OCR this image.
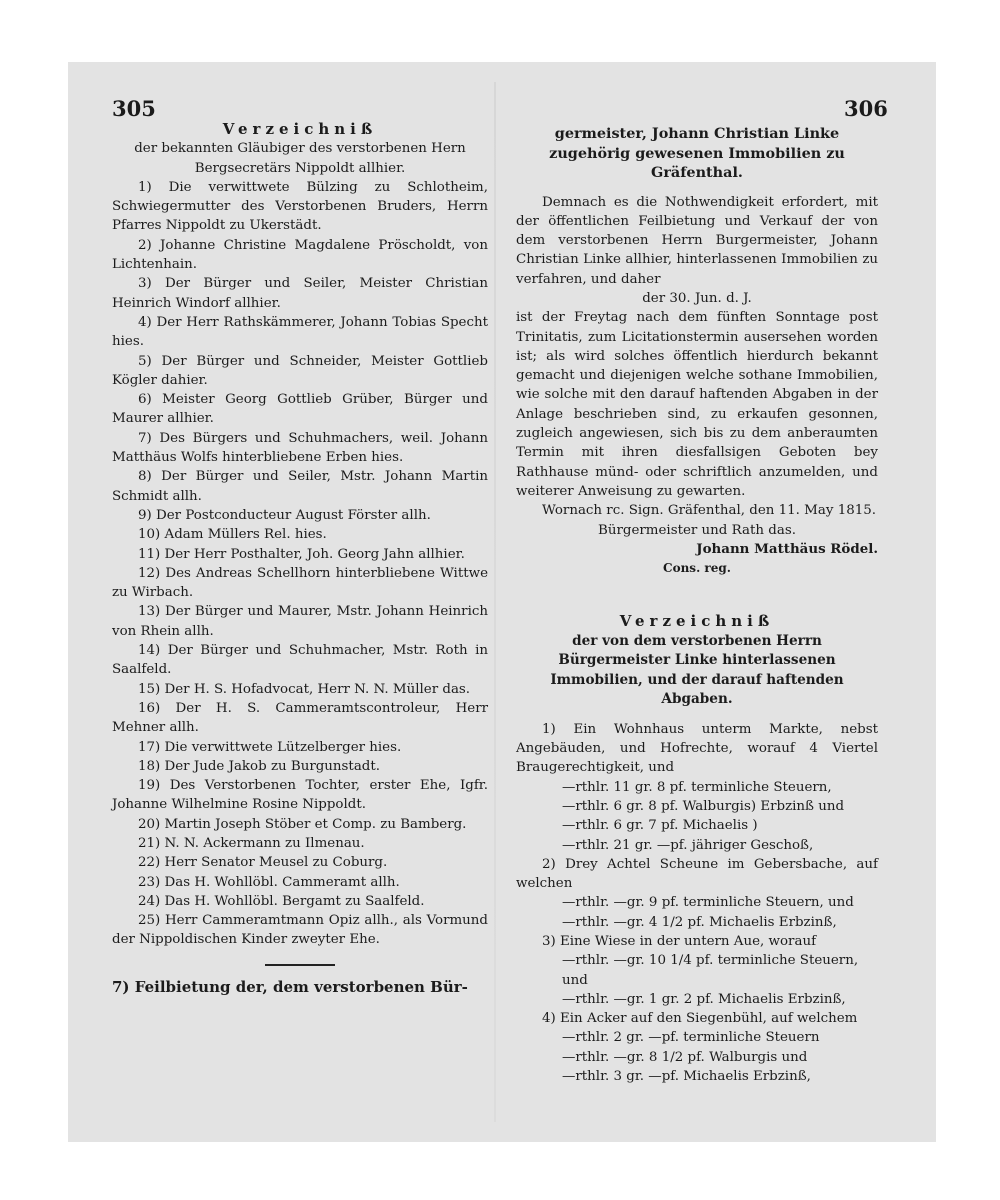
305	306

Verzeichniß

der bekannten Gläubiger des verstorbenen Hern Bergsecretärs Nippoldt allhier.

1) Die verwittwete Bülzing zu Schlotheim, Schwiegermutter des Verstorbenen Bruders, Herrn Pfarres Nippoldt zu Ukerstädt.

2) Johanne Christine Magdalene Pröscholdt, von Lichtenhain.

3) Der Bürger und Seiler, Meister Christian Heinrich Windorf allhier.

4) Der Herr Rathskämmerer, Johann Tobias Specht hies.

5) Der Bürger und Schneider, Meister Gottlieb Kögler dahier.

6) Meister Georg Gottlieb Grüber, Bürger und Maurer allhier.

7) Des Bürgers und Schuhmachers, weil. Johann Matthäus Wolfs hinterbliebene Erben hies.

8) Der Bürger und Seiler, Mstr. Johann Martin Schmidt allh.

9) Der Postconducteur August Förster allh.

10) Adam Müllers Rel. hies.

11) Der Herr Posthalter, Joh. Georg Jahn allhier.

12) Des Andreas Schellhorn hinterbliebene Wittwe zu Wirbach.

13) Der Bürger und Maurer, Mstr. Johann Heinrich von Rhein allh.

14) Der Bürger und Schuhmacher, Mstr. Roth in Saalfeld.

15) Der H. S. Hofadvocat, Herr N. N. Müller das.

16) Der H. S. Cammeramtscontroleur, Herr Mehner allh.

17) Die verwittwete Lützelberger hies.

18) Der Jude Jakob zu Burgunstadt.

19) Des Verstorbenen Tochter, erster Ehe, Igfr. Johanne Wilhelmine Rosine Nippoldt.

20) Martin Joseph Stöber et Comp. zu Bamberg.

21) N. N. Ackermann zu Ilmenau.

22) Herr Senator Meusel zu Coburg.

23) Das H. Wohllöbl. Cammeramt allh.

24) Das H. Wohllöbl. Bergamt zu Saalfeld.

25) Herr Cammeramtmann Opiz allh., als Vormund der Nippoldischen Kinder zweyter Ehe.

7) Feilbietung der, dem verstorbenen Bür-

germeister, Johann Christian Linke zugehörig gewesenen Immobilien zu Gräfenthal.

Demnach es die Nothwendigkeit erfordert, mit der öffentlichen Feilbietung und Verkauf der von dem verstorbenen Herrn Burgermeister, Johann Christian Linke allhier, hinterlassenen Immobilien zu verfahren, und daher

der 30. Jun. d. J.

ist der Freytag nach dem fünften Sonntage post Trinitatis, zum Licitationstermin ausersehen worden ist; als wird solches öffentlich hierdurch bekannt gemacht und diejenigen welche sothane Immobilien, wie solche mit den darauf haftenden Abgaben in der Anlage beschrieben sind, zu erkaufen gesonnen, zugleich angewiesen, sich bis zu dem anberaumten Termin mit ihren diesfallsigen Geboten bey Rathhause münd- oder schriftlich anzumelden, und weiterer Anweisung zu gewarten.

Wornach rc. Sign. Gräfenthal, den 11. May 1815.

Bürgermeister und Rath das.

Johann Matthäus Rödel.

Cons. reg.

Verzeichniß

der von dem verstorbenen Herrn Bürgermeister Linke hinterlassenen Immobilien, und der darauf haftenden Abgaben.

1) Ein Wohnhaus unterm Markte, nebst Angebäuden, und Hofrechte, worauf 4 Viertel Braugerechtigkeit, und

—rthlr. 11 gr. 8 pf. terminliche Steuern,

—rthlr. 6 gr. 8 pf. Walburgis) Erbzinß und

—rthlr. 6 gr. 7 pf. Michaelis )

—rthlr. 21 gr. —pf. jähriger Geschoß,

2) Drey Achtel Scheune im Gebersbache, auf welchen

—rthlr. —gr. 9 pf. terminliche Steuern, und

—rthlr. —gr. 4 1/2 pf. Michaelis Erbzinß,

3) Eine Wiese in der untern Aue, worauf

—rthlr. —gr. 10 1/4 pf. terminliche Steuern, und

—rthlr. —gr. 1 gr. 2 pf. Michaelis Erbzinß,

4) Ein Acker auf den Siegenbühl, auf welchem

—rthlr. 2 gr. —pf. terminliche Steuern

—rthlr. —gr. 8 1/2 pf. Walburgis und

—rthlr. 3 gr. —pf. Michaelis Erbzinß,
